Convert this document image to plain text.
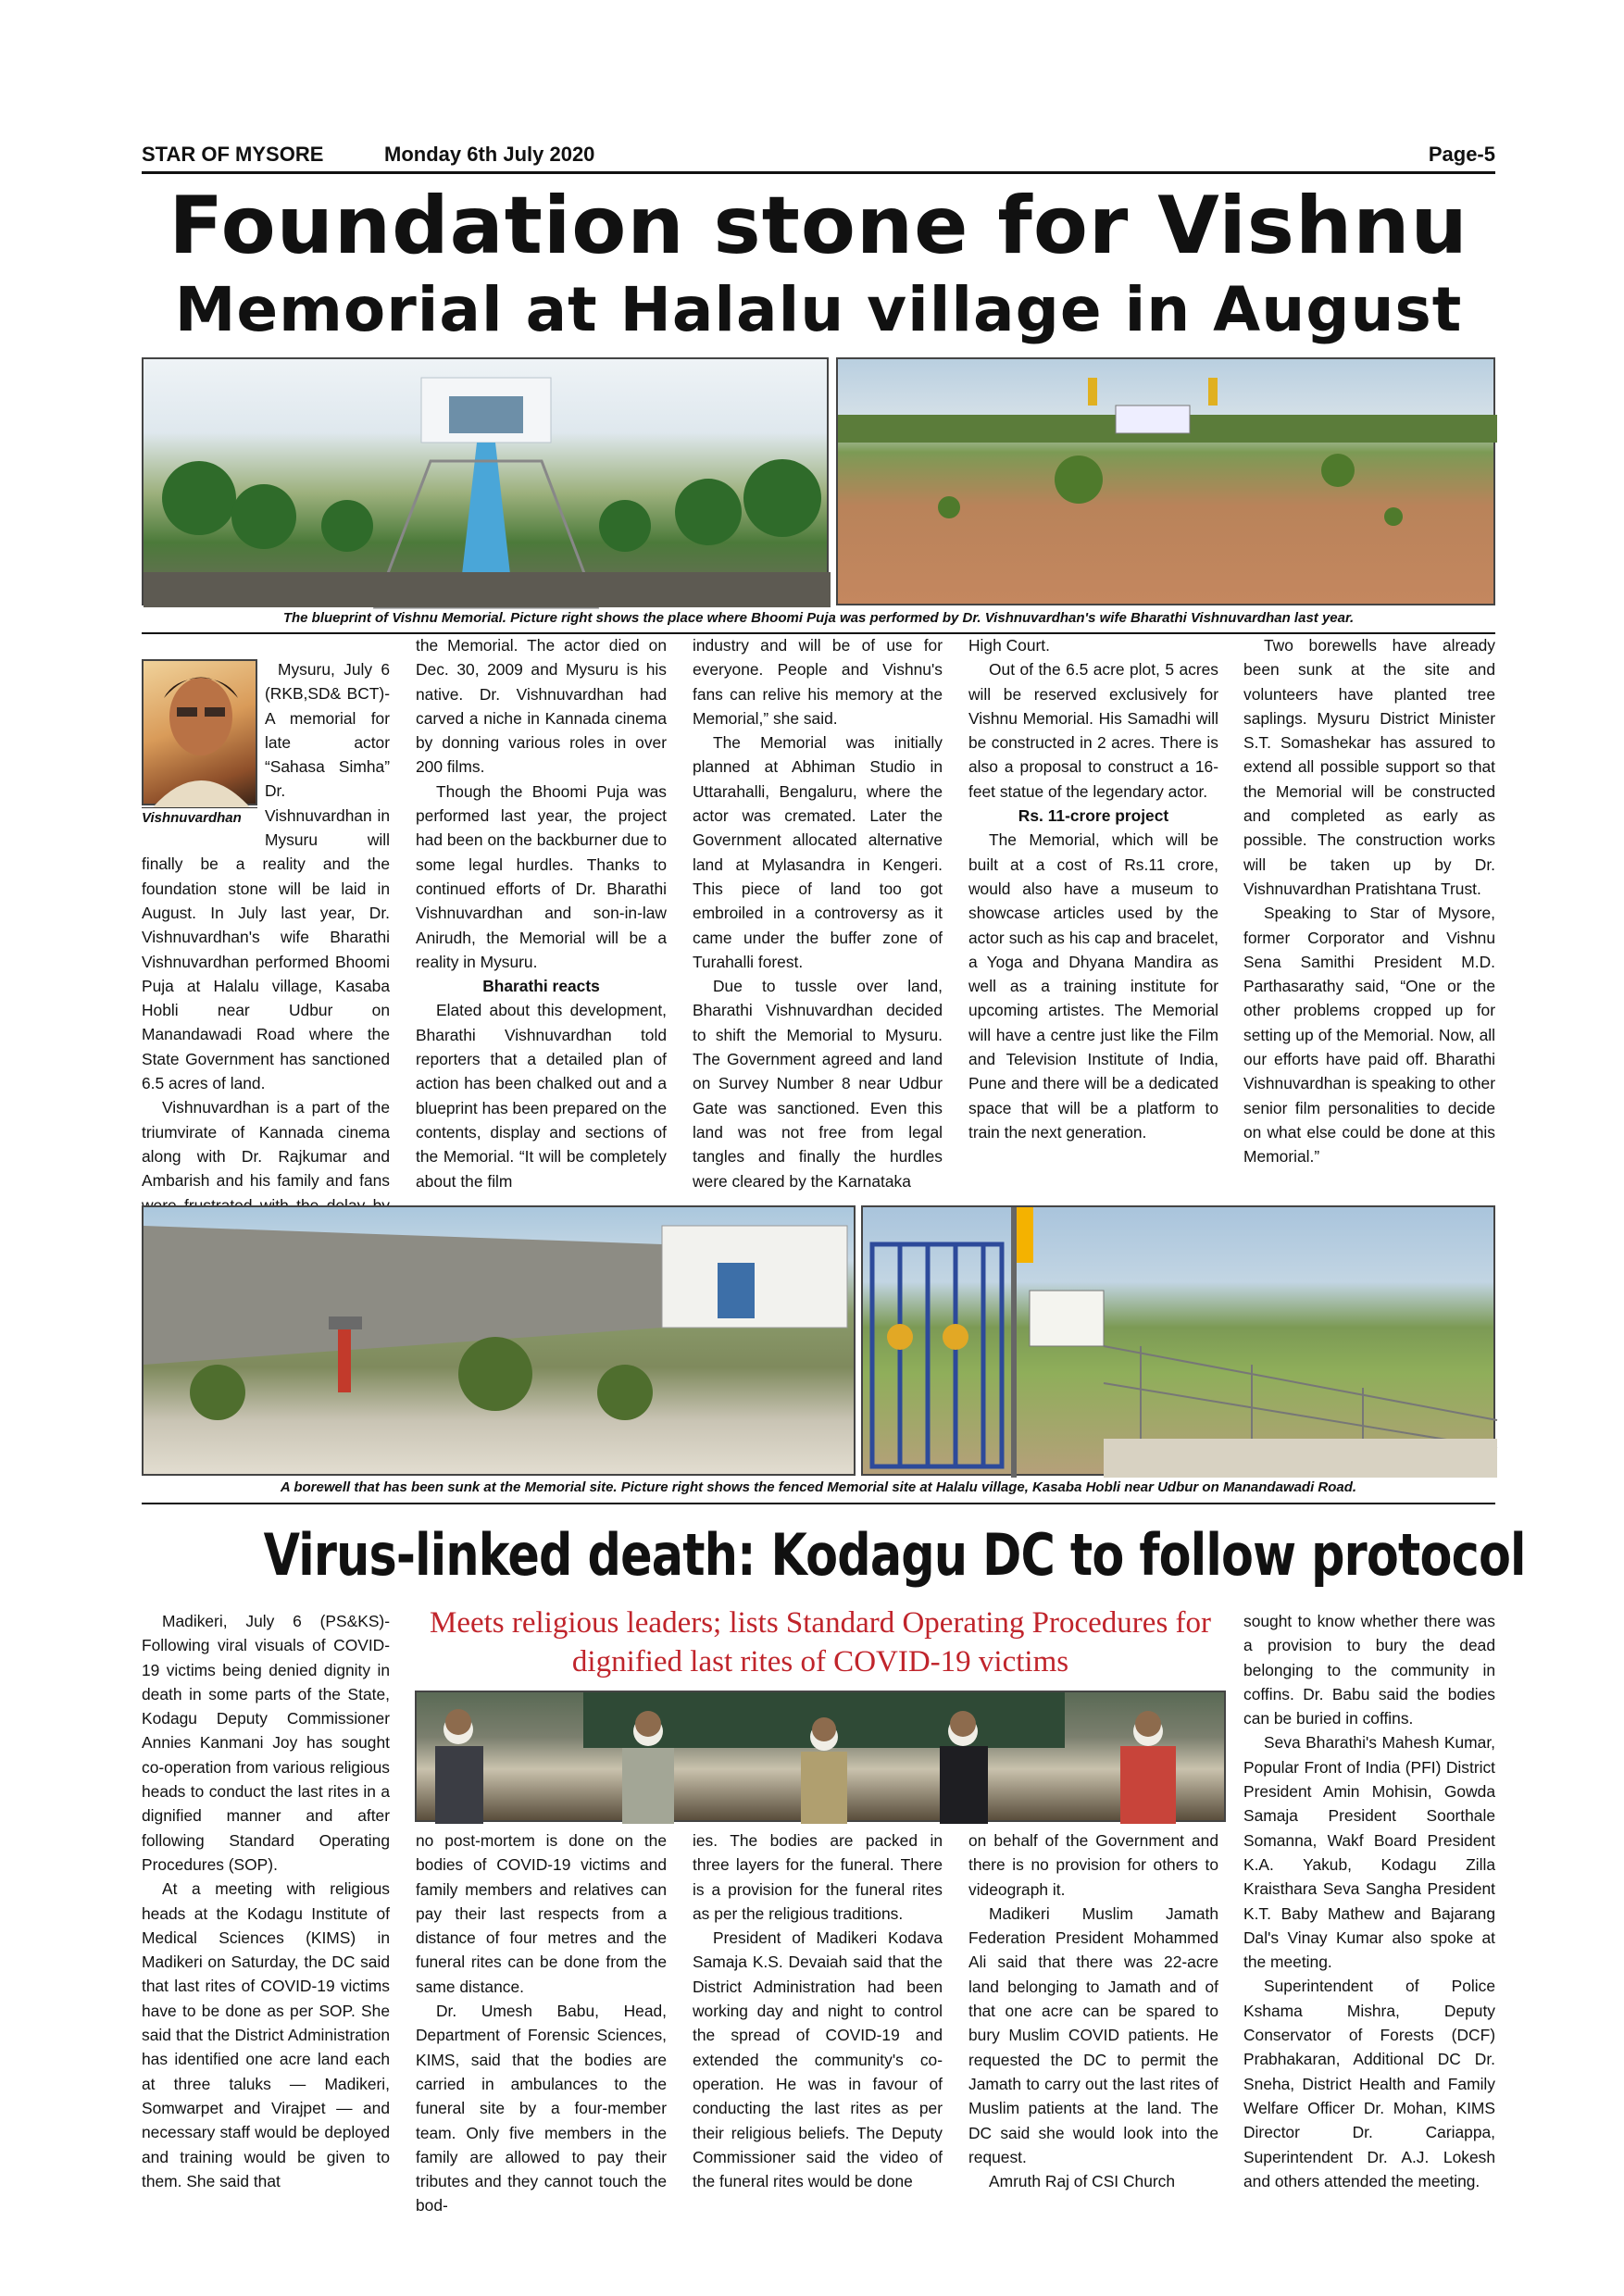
STAR OF MYSORE	Monday 6th July 2020	Page-5
Foundation stone for Vishnu
Memorial at Halalu village in August
The blueprint of Vishnu Memorial. Picture right shows the place where Bhoomi Puja was performed by Dr. Vishnuvardhan's wife Bharathi Vishnuvardhan last year.
Vishnuvardhan

Mysuru, July 6 (RKB,SD& BCT)- A memorial for late actor “Sahasa Simha” Dr. Vishnuvardhan in Mysuru will finally be a reality and the foundation stone will be laid in August. In July last year, Dr. Vishnuvardhan's wife Bharathi Vishnuvardhan performed Bhoomi Puja at Halalu village, Kasaba Hobli near Udbur on Manandawadi Road where the State Government has sanctioned 6.5 acres of land.

Vishnuvardhan is a part of the triumvirate of Kannada cinema along with Dr. Rajkumar and Ambarish and his family and fans

the Memorial. The actor died on Dec. 30, 2009 and Mysuru is his native. Dr. Vishnuvardhan had carved a niche in Kannada cinema by donning various roles in over 200 films.

Though the Bhoomi Puja was performed last year, the project had been on the backburner due to some legal hurdles. Thanks to continued efforts of Dr. Bharathi Vishnuvardhan and son-in-law Anirudh, the Memorial will be a reality in Mysuru.

Bharathi reacts

Elated about this development, Bharathi Vishnuvardhan told reporters that a detailed plan of action has been chalked out and a blueprint has been prepared on the contents, display and sections of the Memorial. “It will be completely about the film

industry and will be of use for everyone. People and Vishnu's fans can relive his memory at the Memorial,” she said.

The Memorial was initially planned at Abhiman Studio in Uttarahalli, Bengaluru, where the actor was cremated. Later the Government allocated alternative land at Mylasandra in Kengeri. This piece of land too got embroiled in a controversy as it came under the buffer zone of Turahalli forest.

Due to tussle over land, Bharathi Vishnuvardhan decided to shift the Memorial to Mysuru. The Government agreed and land on Survey Number 8 near Udbur Gate was sanctioned. Even this land was not free from legal tangles and finally the hurdles were cleared by the Karnataka

High Court.

Out of the 6.5 acre plot, 5 acres will be reserved exclusively for Vishnu Memorial. His Samadhi will be constructed in 2 acres. There is also a proposal to construct a 16-feet statue of the legendary actor.

Rs. 11-crore project

The Memorial, which will be built at a cost of Rs.11 crore, would also have a museum to showcase articles used by the actor such as his cap and bracelet, a Yoga and Dhyana Mandira as well as a training institute for upcoming artistes. The Memorial will have a centre just like the Film and Television Institute of India, Pune and there will be a dedicated space that will be a platform to train the next generation.

Two borewells have already been sunk at the site and volunteers have planted tree saplings. Mysuru District Minister S.T. Somashekar has assured to extend all possible support so that the Memorial will be constructed and completed as early as possible. The construction works will be taken up by Dr. Vishnuvardhan Pratishtana Trust.

Speaking to Star of Mysore, former Corporator and Vishnu Sena Samithi President M.D. Parthasarathy said, “One or the other problems cropped up for setting up of the Memorial. Now, all our efforts have paid off. Bharathi Vishnuvardhan is speaking to other senior film personalities to decide on what else could be done at this Memorial.”

A borewell that has been sunk at the Memorial site. Picture right shows the fenced Memorial site at Halalu village, Kasaba Hobli near Udbur on Manandawadi Road.
Virus-linked death: Kodagu DC to follow protocol
Meets religious leaders; lists Standard Operating Procedures for dignified last rites of COVID-19 victims

Madikeri, July 6 (PS&KS)- Following viral visuals of COVID-19 victims being denied dignity in death in some parts of the State, Kodagu Deputy Commissioner Annies Kanmani Joy has sought co-operation from various religious heads to conduct the last rites in a dignified manner and after following Standard Operating Procedures (SOP).

At a meeting with religious heads at the Kodagu Institute of Medical Sciences (KIMS) in Madikeri on Saturday, the DC said that last rites of COVID-19 victims have to be done as per SOP. She said that the District Administration has identified one acre land each at three taluks — Madikeri, Somwarpet and Virajpet — and necessary staff would be deployed and training would be given to them. She said that

no post-mortem is done on the bodies of COVID-19 victims and family members and relatives can pay their last respects from a distance of four metres and the funeral rites can be done from the same distance.

Dr. Umesh Babu, Head, Department of Forensic Sciences, KIMS, said that the bodies are carried in ambulances to the funeral site by a four-member team. Only five members in the family are allowed to pay their tributes and they cannot touch the bod-

ies. The bodies are packed in three layers for the funeral. There is a provision for the funeral rites as per the religious traditions.

President of Madikeri Kodava Samaja K.S. Devaiah said that the District Administration had been working day and night to control the spread of COVID-19 and extended the community's co-operation. He was in favour of conducting the last rites as per their religious beliefs. The Deputy Commissioner said the video of the funeral rites would be done

on behalf of the Government and there is no provision for others to videograph it.

Madikeri Muslim Jamath Federation President Mohammed Ali said that there was 22-acre land belonging to Jamath and of that one acre can be spared to bury Muslim COVID patients. He requested the DC to permit the Jamath to carry out the last rites of Muslim patients at the land. The DC said she would look into the request.

Amruth Raj of CSI Church

sought to know whether there was a provision to bury the dead belonging to the community in coffins. Dr. Babu said the bodies can be buried in coffins.

Seva Bharathi's Mahesh Kumar, Popular Front of India (PFI) District President Amin Mohisin, Gowda Samaja President Soorthale Somanna, Wakf Board President K.A. Yakub, Kodagu Zilla Kraisthara Seva Sangha President K.T. Baby Mathew and Bajarang Dal's Vinay Kumar also spoke at the meeting.

Superintendent of Police Kshama Mishra, Deputy Conservator of Forests (DCF) Prabhakaran, Additional DC Dr. Sneha, District Health and Family Welfare Officer Dr. Mohan, KIMS Director Dr. Cariappa, Superintendent Dr. A.J. Lokesh and others attended the meeting.
